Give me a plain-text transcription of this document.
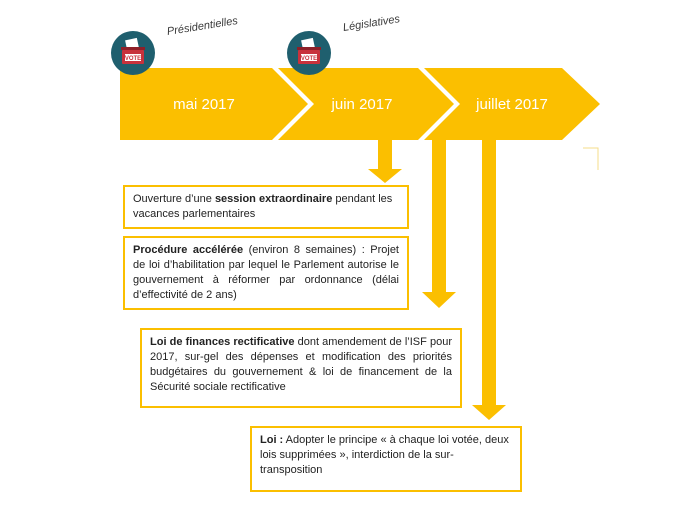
mai 2017	juin 2017	juillet 2017
VOTE
Présidentielles
VOTE
Législatives
Ouverture d’une session extraordinaire pendant les vacances parlementaires
Procédure accélérée (environ 8 semaines) : Projet de loi d’habilitation par lequel le Parlement autorise le gouvernement à réformer par ordonnance (délai d’effectivité de 2 ans)
Loi de finances rectificative dont amendement de l’ISF pour 2017, sur-gel des dépenses et modification des priorités budgétaires du gouvernement & loi de financement de la Sécurité sociale rectificative
Loi : Adopter le principe « à chaque loi votée, deux lois supprimées », interdiction de la sur-transposition
